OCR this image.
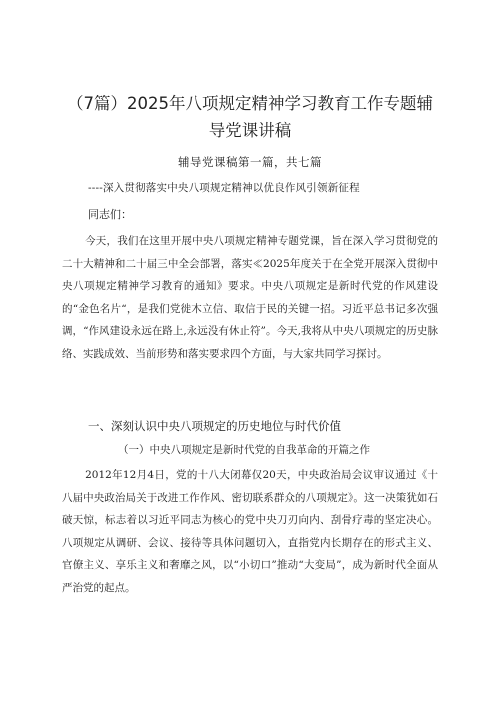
（7篇）2025年八项规定精神学习教育工作专题辅导党课讲稿
辅导党课稿第一篇，共七篇
----深入贯彻落实中央八项规定精神以优良作风引领新征程
同志们：

今天，我们在这里开展中央八项规定精神专题党课，旨在深入学习贯彻党的二十大精神和二十届三中全会部署，落实≪2025年度关于在全党开展深入贯彻中央八项规定精神学习教育的通知》要求。中央八项规定是新时代党的作风建设的“金色名片“，是我们党徙木立信、取信于民的关键一招。习近平总书记多次强调，“作风建设永远在路上,永远没有休止符”。今天,我将从中央八项规定的历史脉络、实践成效、当前形势和落实要求四个方面，与大家共同学习探讨。

一、深刻认识中央八项规定的历史地位与时代价值
（一）中央八项规定是新时代党的自我革命的开篇之作

2012年12月4日，党的十八大闭幕仅20天，中央政治局会议审议通过《十八届中央政治局关于改进工作作风、密切联系群众的八项规定》。这一决策犹如石破天惊，标志着以习近平同志为核心的党中央刀刃向内、刮骨疗毒的坚定决心。八项规定从调研、会议、接待等具体问题切入，直指党内长期存在的形式主义、官僚主义、享乐主义和奢靡之风，以“小切口”推动“大变局”，成为新时代全面从严治党的起点。
